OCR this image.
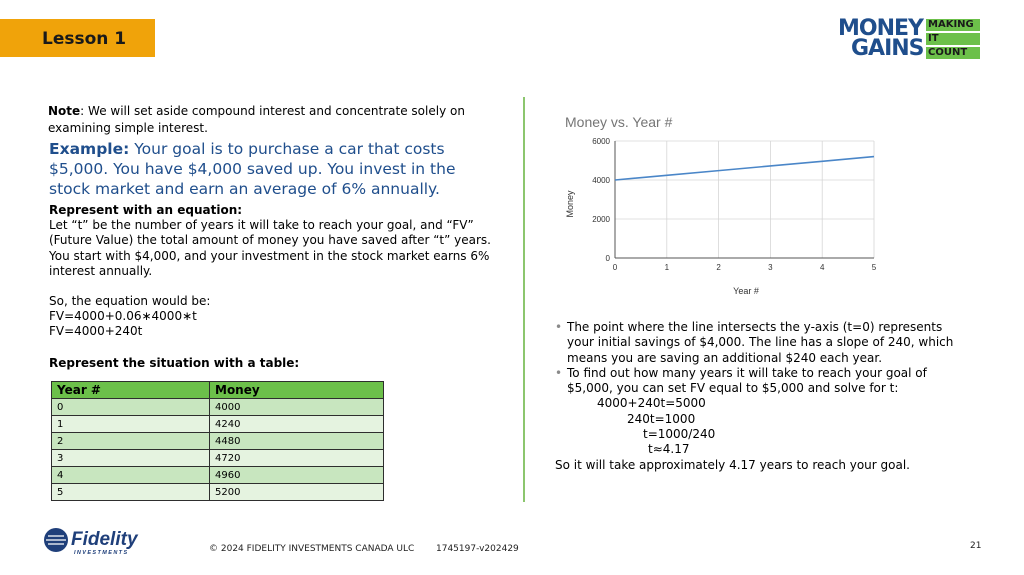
Lesson 1	MONEY
GAINS
MAKING
IT
COUNT
Note: We will set aside compound interest and concentrate solely on examining simple interest.
Example: Your goal is to purchase a car that costs $5,000. You have $4,000 saved up. You invest in the stock market and earn an average of 6% annually.
Represent with an equation:
Let “t” be the number of years it will take to reach your goal, and “FV” (Future Value) the total amount of money you have saved after “t” years. You start with $4,000, and your investment in the stock market earns 6% interest annually.
So, the equation would be:
FV=4000+0.06∗4000∗t
FV=4000+240t
Represent the situation with a table:
Year #	Money
0	4000
1	4240
2	4480
3	4720
4	4960
5	5200
Money vs. Year #
0
2000
4000
6000
0	1	2	3	4	5
Year #
Money
• The point where the line intersects the y-axis (t=0) represents your initial savings of $4,000. The line has a slope of 240, which means you are saving an additional $240 each year.
• To find out how many years it will take to reach your goal of $5,000, you can set FV equal to $5,000 and solve for t:
4000+240t=5000
240t=1000
t=1000/240
t≈4.17
So it will take approximately 4.17 years to reach your goal.
Fidelity
INVESTMENTS	© 2024 FIDELITY INVESTMENTS CANADA ULC 1745197-v202429	21
